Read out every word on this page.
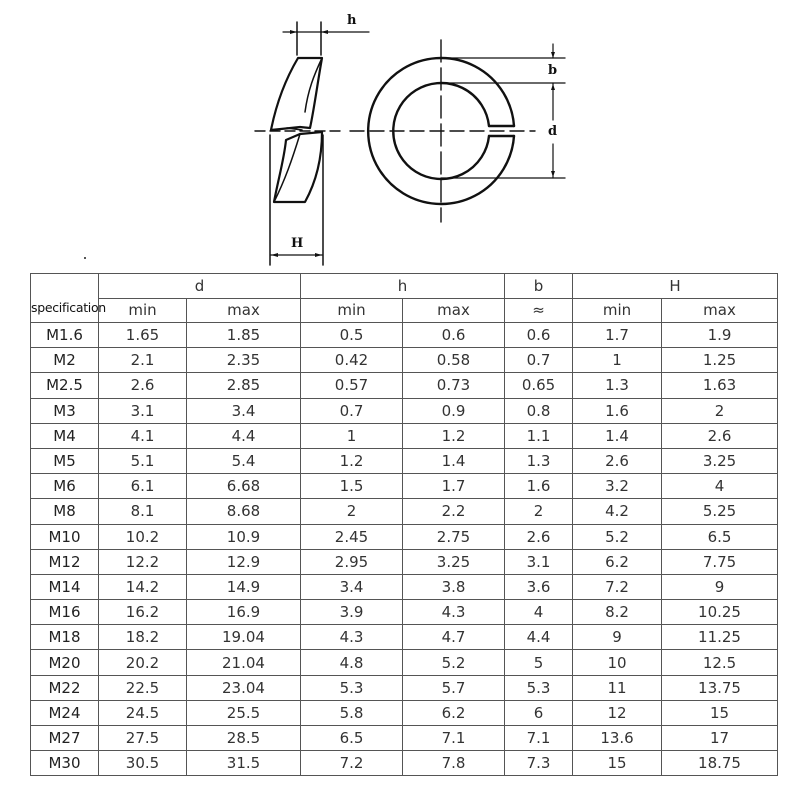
h
b
d
H
specification	d		h		b	H	
	min	max	min	max	≈	min	max
M1.6	1.65	1.85	0.5	0.6	0.6	1.7	1.9
M2	2.1	2.35	0.42	0.58	0.7	1	1.25
M2.5	2.6	2.85	0.57	0.73	0.65	1.3	1.63
M3	3.1	3.4	0.7	0.9	0.8	1.6	2
M4	4.1	4.4	1	1.2	1.1	1.4	2.6
M5	5.1	5.4	1.2	1.4	1.3	2.6	3.25
M6	6.1	6.68	1.5	1.7	1.6	3.2	4
M8	8.1	8.68	2	2.2	2	4.2	5.25
M10	10.2	10.9	2.45	2.75	2.6	5.2	6.5
M12	12.2	12.9	2.95	3.25	3.1	6.2	7.75
M14	14.2	14.9	3.4	3.8	3.6	7.2	9
M16	16.2	16.9	3.9	4.3	4	8.2	10.25
M18	18.2	19.04	4.3	4.7	4.4	9	11.25
M20	20.2	21.04	4.8	5.2	5	10	12.5
M22	22.5	23.04	5.3	5.7	5.3	11	13.75
M24	24.5	25.5	5.8	6.2	6	12	15
M27	27.5	28.5	6.5	7.1	7.1	13.6	17
M30	30.5	31.5	7.2	7.8	7.3	15	18.75
